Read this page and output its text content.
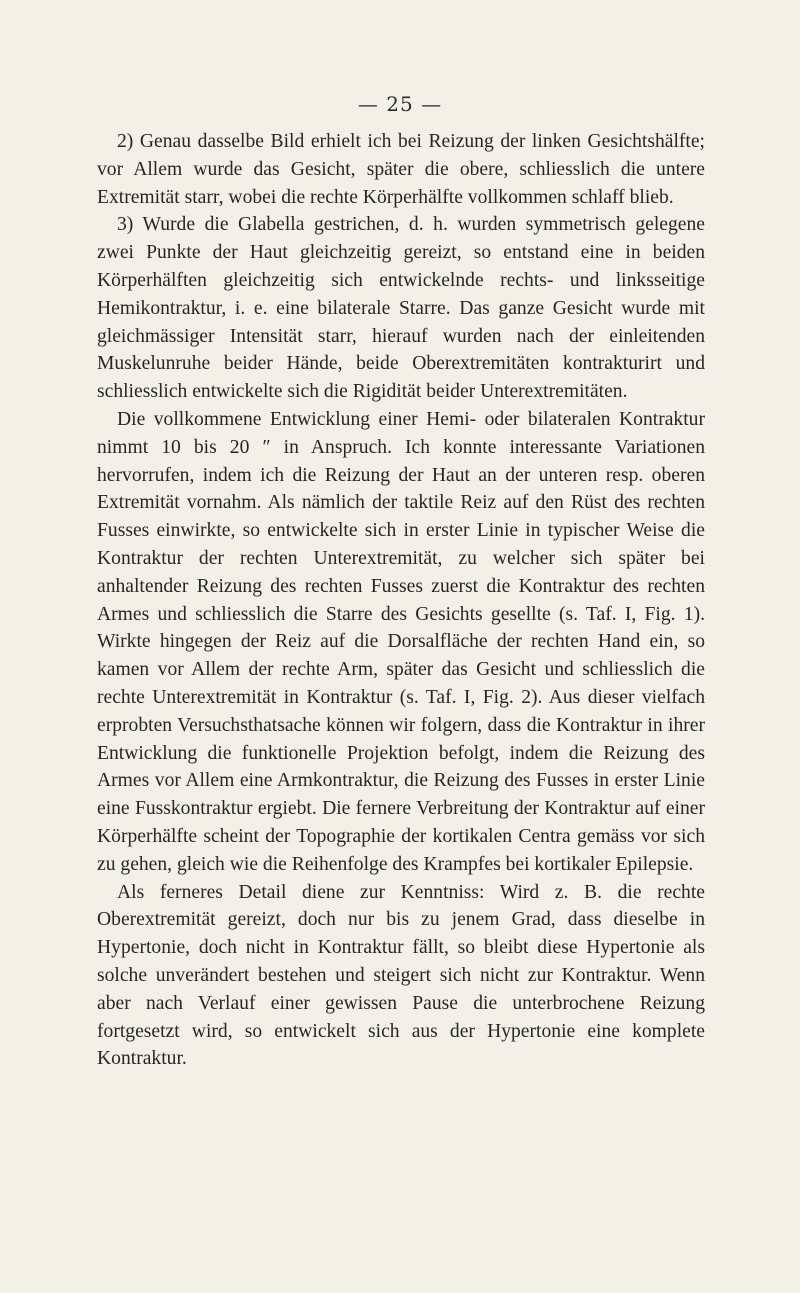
— 25 —

2) Genau dasselbe Bild erhielt ich bei Reizung der linken Gesichtshälfte; vor Allem wurde das Gesicht, später die obere, schliesslich die untere Extremität starr, wobei die rechte Körperhälfte vollkommen schlaff blieb.

3) Wurde die Glabella gestrichen, d. h. wurden symmetrisch gelegene zwei Punkte der Haut gleichzeitig gereizt, so entstand eine in beiden Körperhälften gleichzeitig sich entwickelnde rechts- und linksseitige Hemikontraktur, i. e. eine bilaterale Starre. Das ganze Gesicht wurde mit gleichmässiger Intensität starr, hierauf wurden nach der einleitenden Muskelunruhe beider Hände, beide Oberextremitäten kontrakturirt und schliesslich entwickelte sich die Rigidität beider Unterextremitäten.

Die vollkommene Entwicklung einer Hemi- oder bilateralen Kontraktur nimmt 10 bis 20 ″ in Anspruch. Ich konnte interessante Variationen hervorrufen, indem ich die Reizung der Haut an der unteren resp. oberen Extremität vornahm. Als nämlich der taktile Reiz auf den Rüst des rechten Fusses einwirkte, so entwickelte sich in erster Linie in typischer Weise die Kontraktur der rechten Unterextremität, zu welcher sich später bei anhaltender Reizung des rechten Fusses zuerst die Kontraktur des rechten Armes und schliesslich die Starre des Gesichts gesellte (s. Taf. I, Fig. 1). Wirkte hingegen der Reiz auf die Dorsalfläche der rechten Hand ein, so kamen vor Allem der rechte Arm, später das Gesicht und schliesslich die rechte Unterextremität in Kontraktur (s. Taf. I, Fig. 2). Aus dieser vielfach erprobten Versuchsthatsache können wir folgern, dass die Kontraktur in ihrer Entwicklung die funktionelle Projektion befolgt, indem die Reizung des Armes vor Allem eine Armkontraktur, die Reizung des Fusses in erster Linie eine Fusskontraktur ergiebt. Die fernere Verbreitung der Kontraktur auf einer Körperhälfte scheint der Topographie der kortikalen Centra gemäss vor sich zu gehen, gleich wie die Reihenfolge des Krampfes bei kortikaler Epilepsie.

Als ferneres Detail diene zur Kenntniss: Wird z. B. die rechte Oberextremität gereizt, doch nur bis zu jenem Grad, dass dieselbe in Hypertonie, doch nicht in Kontraktur fällt, so bleibt diese Hypertonie als solche unverändert bestehen und steigert sich nicht zur Kontraktur. Wenn aber nach Verlauf einer gewissen Pause die unterbrochene Reizung fortgesetzt wird, so entwickelt sich aus der Hypertonie eine komplete Kontraktur.
